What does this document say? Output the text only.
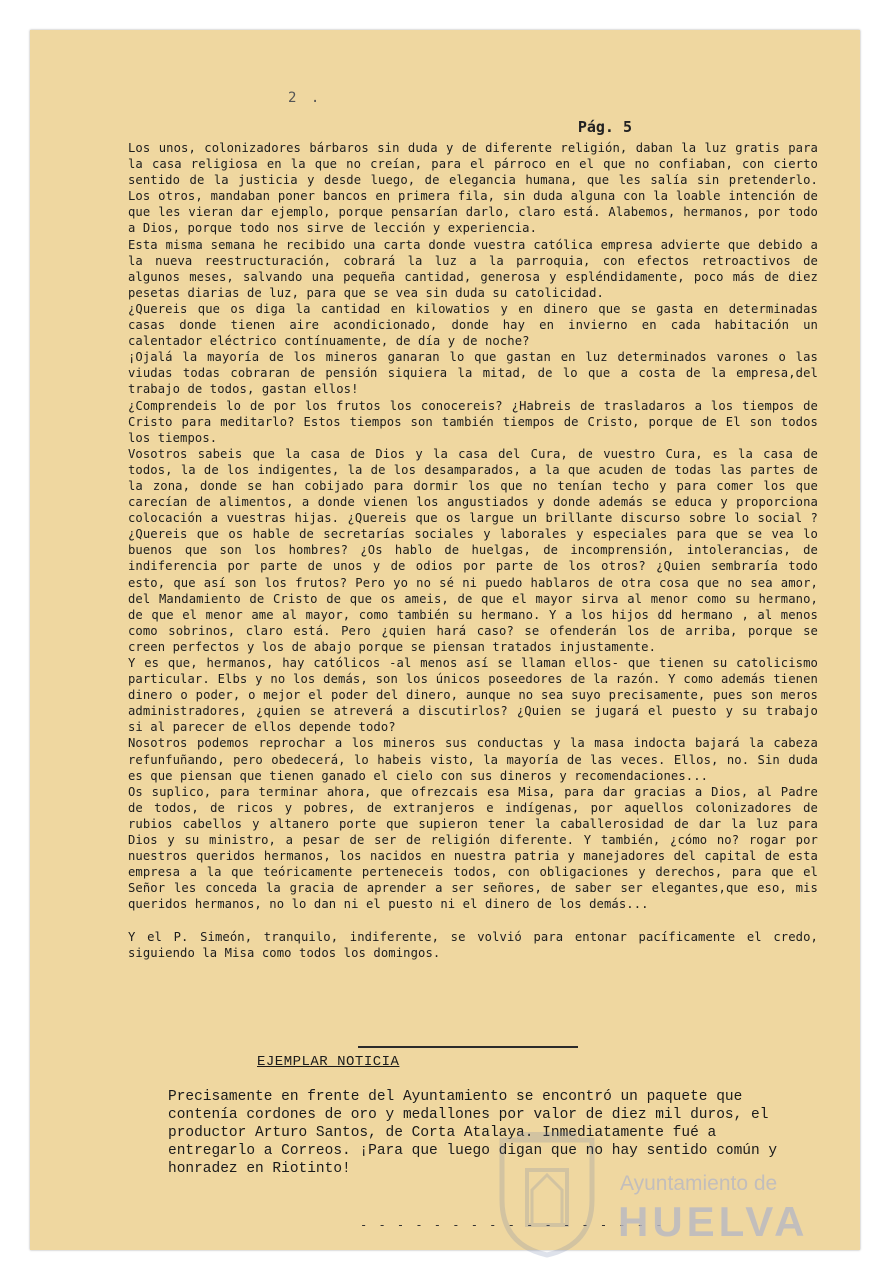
2 .
Pág. 5

Los unos, colonizadores bárbaros sin duda y de diferente religión, daban la luz gratis para la casa religiosa en la que no creían, para el párroco en el que no confiaban, con cierto sentido de la justicia y desde luego, de elegancia humana, que les salía sin pretenderlo. Los otros, mandaban poner bancos en primera fila, sin duda alguna con la loable intención de que les vieran dar ejemplo, porque pensarían darlo, claro está. Alabemos, hermanos, por todo a Dios, porque todo nos sirve de lección y experiencia.

Esta misma semana he recibido una carta donde vuestra católica empresa advierte que debido a la nueva reestructuración, cobrará la luz a la parroquia, con efectos retroactivos de algunos meses, salvando una pequeña cantidad, generosa y espléndidamente, poco más de diez pesetas diarias de luz, para que se vea sin duda su catolicidad.

¿Quereis que os diga la cantidad en kilowatios y en dinero que se gasta en determinadas casas donde tienen aire acondicionado, donde hay en invierno en cada habitación un calentador eléctrico contínuamente, de día y de noche?

¡Ojalá la mayoría de los mineros ganaran lo que gastan en luz determinados varones o las viudas todas cobraran de pensión siquiera la mitad, de lo que a costa de la empresa,del trabajo de todos, gastan ellos!

¿Comprendeis lo de por los frutos los conocereis? ¿Habreis de trasladaros a los tiempos de Cristo para meditarlo? Estos tiempos son también tiempos de Cristo, porque de El son todos los tiempos.

Vosotros sabeis que la casa de Dios y la casa del Cura, de vuestro Cura, es la casa de todos, la de los indigentes, la de los desamparados, a la que acuden de todas las partes de la zona, donde se han cobijado para dormir los que no tenían techo y para comer los que carecían de alimentos, a donde vienen los angustiados y donde además se educa y proporciona colocación a vuestras hijas. ¿Quereis que os largue un brillante discurso sobre lo social ? ¿Quereis que os hable de secretarías sociales y laborales y especiales para que se vea lo buenos que son los hombres? ¿Os hablo de huelgas, de incomprensión, intolerancias, de indiferencia por parte de unos y de odios por parte de los otros? ¿Quien sembraría todo esto, que así son los frutos? Pero yo no sé ni puedo hablaros de otra cosa que no sea amor, del Mandamiento de Cristo de que os ameis, de que el mayor sirva al menor como su hermano, de que el menor ame al mayor, como también su hermano. Y a los hijos dd hermano , al menos como sobrinos, claro está. Pero ¿quien hará caso? se ofenderán los de arriba, porque se creen perfectos y los de abajo porque se piensan tratados injustamente.

Y es que, hermanos, hay católicos -al menos así se llaman ellos- que tienen su catolicismo particular. Elbs y no los demás, son los únicos poseedores de la razón. Y como además tienen dinero o poder, o mejor el poder del dinero, aunque no sea suyo precisamente, pues son meros administradores, ¿quien se atreverá a discutirlos? ¿Quien se jugará el puesto y su trabajo si al parecer de ellos depende todo?

Nosotros podemos reprochar a los mineros sus conductas y la masa indocta bajará la cabeza refunfuñando, pero obedecerá, lo habeis visto, la mayoría de las veces. Ellos, no. Sin duda es que piensan que tienen ganado el cielo con sus dineros y recomendaciones...

Os suplico, para terminar ahora, que ofrezcais esa Misa, para dar gracias a Dios, al Padre de todos, de ricos y pobres, de extranjeros e indígenas, por aquellos colonizadores de rubios cabellos y altanero porte que supieron tener la caballerosidad de dar la luz para Dios y su ministro, a pesar de ser de religión diferente. Y también, ¿cómo no? rogar por nuestros queridos hermanos, los nacidos en nuestra patria y manejadores del capital de esta empresa a la que teóricamente perteneceis todos, con obligaciones y derechos, para que el Señor les conceda la gracia de aprender a ser señores, de saber ser elegantes,que eso, mis queridos hermanos, no lo dan ni el puesto ni el dinero de los demás...

Y el P. Simeón, tranquilo, indiferente, se volvió para entonar pacíficamente el credo, siguiendo la Misa como todos los domingos.

EJEMPLAR NOTICIA
Precisamente en frente del Ayuntamiento se encontró un paquete que contenía cordones de oro y medallones por valor de diez mil duros, el productor Arturo Santos, de Corta Atalaya. Inmediatamente fué a entregarlo a Correos. ¡Para que luego digan que no hay sentido común y honradez en Riotinto!
- - - - - - - - - - - - - - - - -
Ayuntamiento de
HUELVA
